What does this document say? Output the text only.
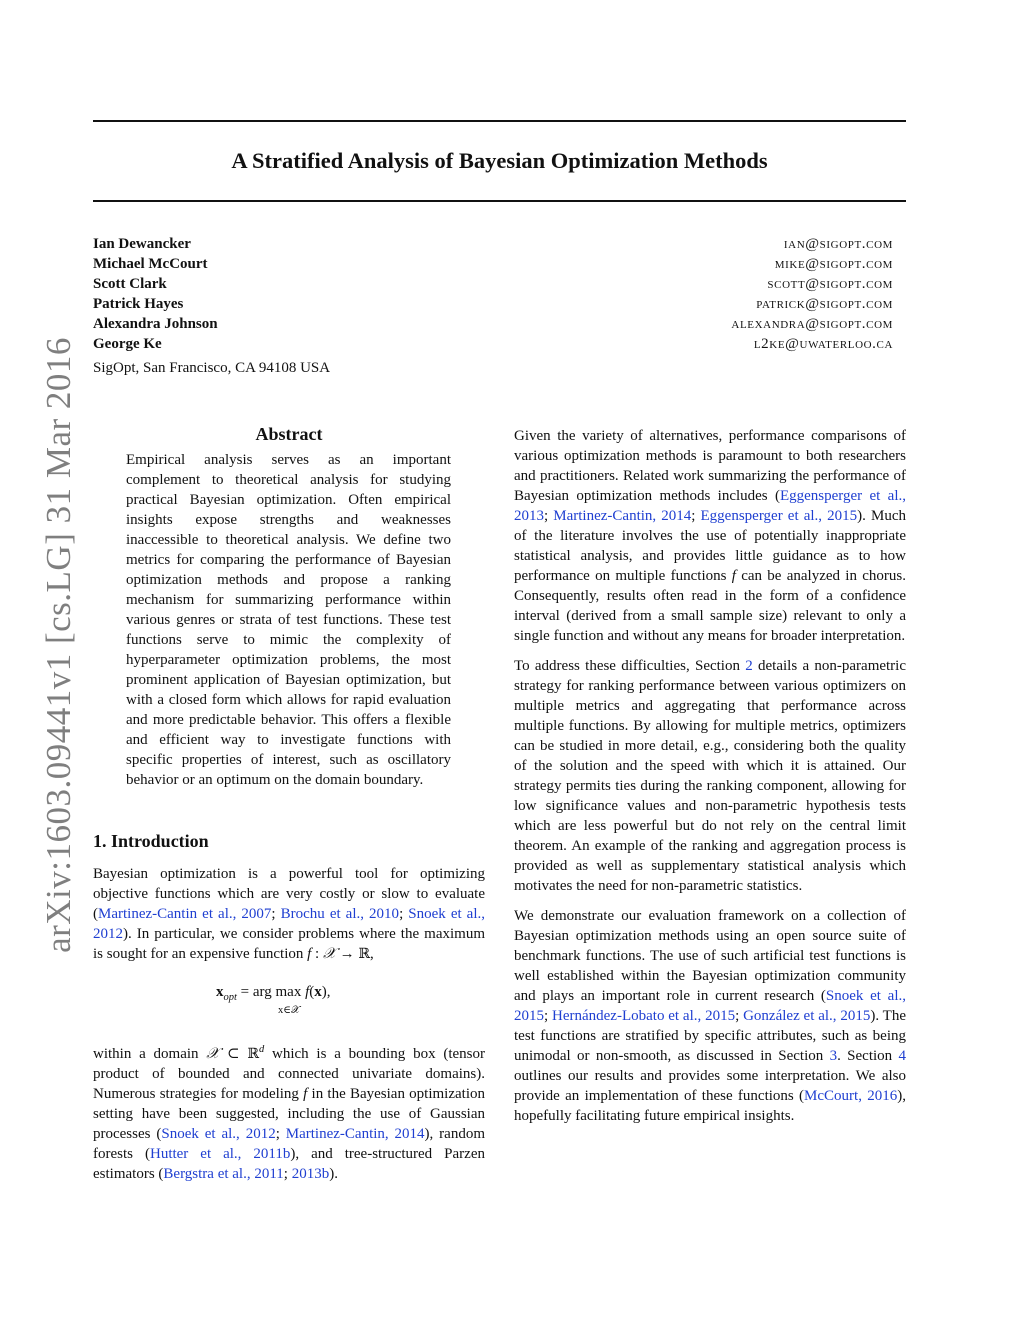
A Stratified Analysis of Bayesian Optimization Methods
Ian Dewancker	ian@sigopt.com
Michael McCourt	mike@sigopt.com
Scott Clark	scott@sigopt.com
Patrick Hayes	patrick@sigopt.com
Alexandra Johnson	alexandra@sigopt.com
George Ke	l2ke@uwaterloo.ca
SigOpt, San Francisco, CA 94108 USA
arXiv:1603.09441v1 [cs.LG] 31 Mar 2016	Abstract

Empirical analysis serves as an important complement to theoretical analysis for studying practical Bayesian optimization. Often empirical insights expose strengths and weaknesses inaccessible to theoretical analysis. We define two metrics for comparing the performance of Bayesian optimization methods and propose a ranking mechanism for summarizing performance within various genres or strata of test functions. These test functions serve to mimic the complexity of hyperparameter optimization problems, the most prominent application of Bayesian optimization, but with a closed form which allows for rapid evaluation and more predictable behavior. This offers a flexible and efficient way to investigate functions with specific properties of interest, such as oscillatory behavior or an optimum on the domain boundary.

1. Introduction

Bayesian optimization is a powerful tool for optimizing objective functions which are very costly or slow to evaluate (Martinez-Cantin et al., 2007; Brochu et al., 2010; Snoek et al., 2012). In particular, we consider problems where the maximum is sought for an expensive function f : 𝒳 → ℝ,

$x_{opt}$ = arg max f(x),
x∈𝒳

within a domain 𝒳 ⊂ ℝ$^d$ which is a bounding box (tensor product of bounded and connected univariate domains). Numerous strategies for modeling f in the Bayesian optimization setting have been suggested, including the use of Gaussian processes (Snoek et al., 2012; Martinez-Cantin, 2014), random forests (Hutter et al., 2011b), and tree-structured Parzen estimators (Bergstra et al., 2011; 2013b).

Given the variety of alternatives, performance comparisons of various optimization methods is paramount to both researchers and practitioners. Related work summarizing the performance of Bayesian optimization methods includes (Eggensperger et al., 2013; Martinez-Cantin, 2014; Eggensperger et al., 2015). Much of the literature involves the use of potentially inappropriate statistical analysis, and provides little guidance as to how performance on multiple functions f can be analyzed in chorus. Consequently, results often read in the form of a confidence interval (derived from a small sample size) relevant to only a single function and without any means for broader interpretation.

To address these difficulties, Section 2 details a non-parametric strategy for ranking performance between various optimizers on multiple metrics and aggregating that performance across multiple functions. By allowing for multiple metrics, optimizers can be studied in more detail, e.g., considering both the quality of the solution and the speed with which it is attained. Our strategy permits ties during the ranking component, allowing for low significance values and non-parametric hypothesis tests which are less powerful but do not rely on the central limit theorem. An example of the ranking and aggregation process is provided as well as supplementary statistical analysis which motivates the need for non-parametric statistics.

We demonstrate our evaluation framework on a collection of Bayesian optimization methods using an open source suite of benchmark functions. The use of such artificial test functions is well established within the Bayesian optimization community and plays an important role in current research (Snoek et al., 2015; Hernández-Lobato et al., 2015; González et al., 2015). The test functions are stratified by specific attributes, such as being unimodal or non-smooth, as discussed in Section 3. Section 4 outlines our results and provides some interpretation. We also provide an implementation of these functions (McCourt, 2016), hopefully facilitating future empirical insights.
